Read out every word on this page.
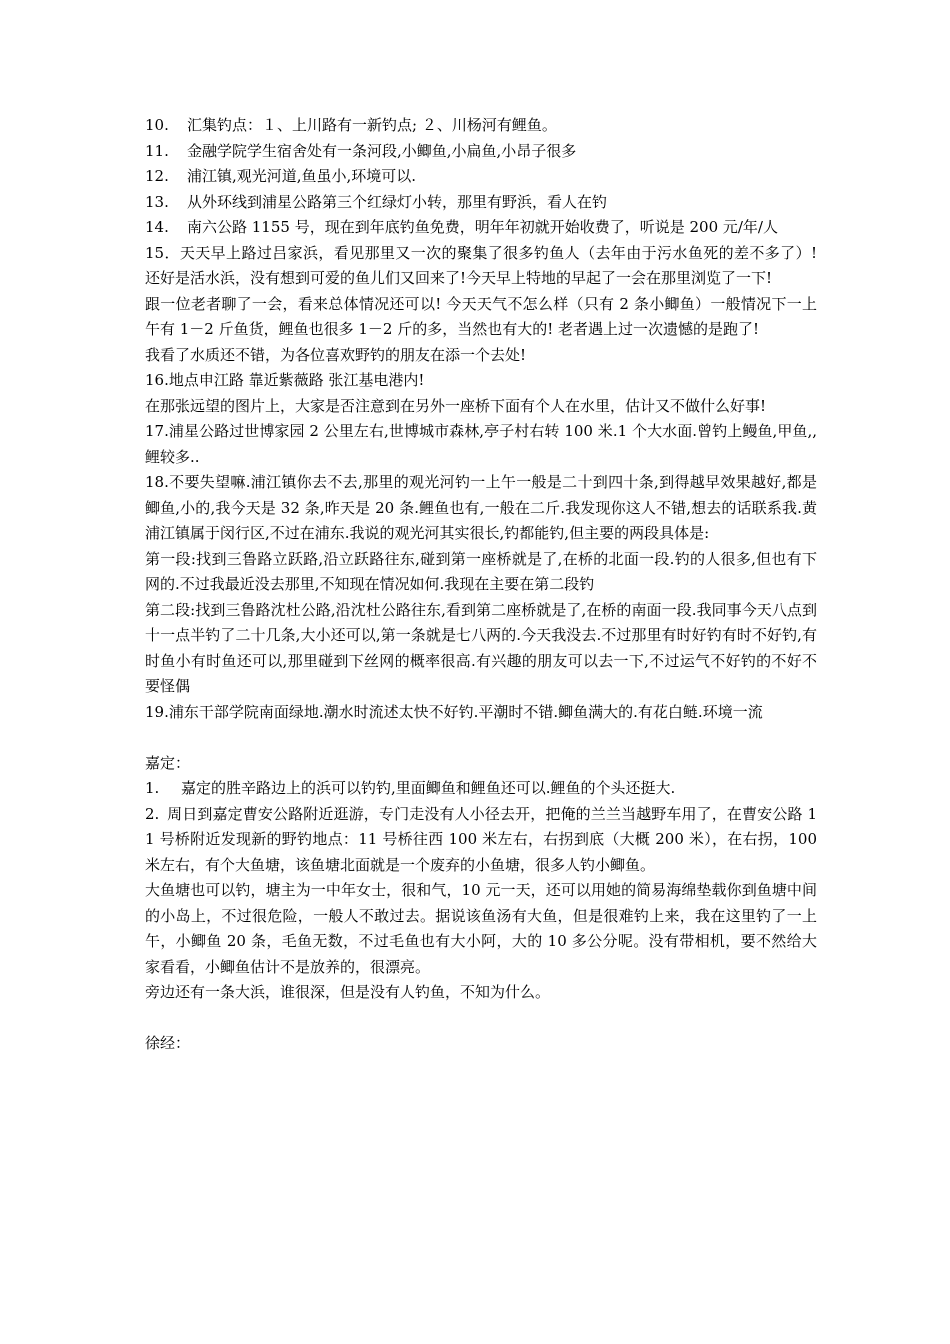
10. 汇集钓点：１、上川路有一新钓点; ２、川杨河有鲤鱼。

11. 金融学院学生宿舍处有一条河段,小鲫鱼,小扁鱼,小昂子很多

12. 浦江镇,观光河道,鱼虽小,环境可以.

13. 从外环线到浦星公路第三个红绿灯小转，那里有野浜，看人在钓

14. 南六公路 1155 号，现在到年底钓鱼免费，明年年初就开始收费了，听说是 200 元/年/人

15．天天早上路过吕家浜，看见那里又一次的聚集了很多钓鱼人（去年由于污水鱼死的差不多了）! 还好是活水浜，没有想到可爱的鱼儿们又回来了!今天早上特地的早起了一会在那里浏览了一下!

跟一位老者聊了一会，看来总体情况还可以! 今天天气不怎么样（只有 2 条小鲫鱼）一般情况下一上午有 1－2 斤鱼货，鲤鱼也很多 1－2 斤的多，当然也有大的! 老者遇上过一次遗憾的是跑了!

我看了水质还不错，为各位喜欢野钓的朋友在添一个去处!

16.地点申江路 靠近紫薇路 张江基电港内!

在那张远望的图片上，大家是否注意到在另外一座桥下面有个人在水里，估计又不做什么好事!

17.浦星公路过世博家园 2 公里左右,世博城市森林,亭子村右转 100 米.1 个大水面.曾钓上鳗鱼,甲鱼,,鲤较多..

18.不要失望嘛.浦江镇你去不去,那里的观光河钓一上午一般是二十到四十条,到得越早效果越好,都是鲫鱼,小的,我今天是 32 条,昨天是 20 条.鲤鱼也有,一般在二斤.我发现你这人不错,想去的话联系我.黄浦江镇属于闵行区,不过在浦东.我说的观光河其实很长,钓都能钓,但主要的两段具体是:

第一段:找到三鲁路立跃路,沿立跃路往东,碰到第一座桥就是了,在桥的北面一段.钓的人很多,但也有下网的.不过我最近没去那里,不知现在情况如何.我现在主要在第二段钓

第二段:找到三鲁路沈杜公路,沿沈杜公路往东,看到第二座桥就是了,在桥的南面一段.我同事今天八点到十一点半钓了二十几条,大小还可以,第一条就是七八两的.今天我没去.不过那里有时好钓有时不好钓,有时鱼小有时鱼还可以,那里碰到下丝网的概率很高.有兴趣的朋友可以去一下,不过运气不好钓的不好不要怪偶

19.浦东干部学院南面绿地.潮水时流述太快不好钓.平潮时不错.鲫鱼满大的.有花白鲢.环境一流

嘉定：

1. 嘉定的胜辛路边上的浜可以钓钓,里面鲫鱼和鲤鱼还可以.鲤鱼的个头还挺大.

2. 周日到嘉定曹安公路附近逛游，专门走没有人小径去开，把俺的兰兰当越野车用了，在曹安公路 11 号桥附近发现新的野钓地点：11 号桥往西 100 米左右，右拐到底（大概 200 米），在右拐，100 米左右，有个大鱼塘，该鱼塘北面就是一个废弃的小鱼塘，很多人钓小鲫鱼。

大鱼塘也可以钓，塘主为一中年女士，很和气，10 元一天，还可以用她的简易海绵垫载你到鱼塘中间的小岛上，不过很危险，一般人不敢过去。据说该鱼汤有大鱼，但是很难钓上来，我在这里钓了一上午，小鲫鱼 20 条，毛鱼无数，不过毛鱼也有大小阿，大的 10 多公分呢。没有带相机，要不然给大家看看，小鲫鱼估计不是放养的，很漂亮。

旁边还有一条大浜，谁很深，但是没有人钓鱼，不知为什么。

徐经：
